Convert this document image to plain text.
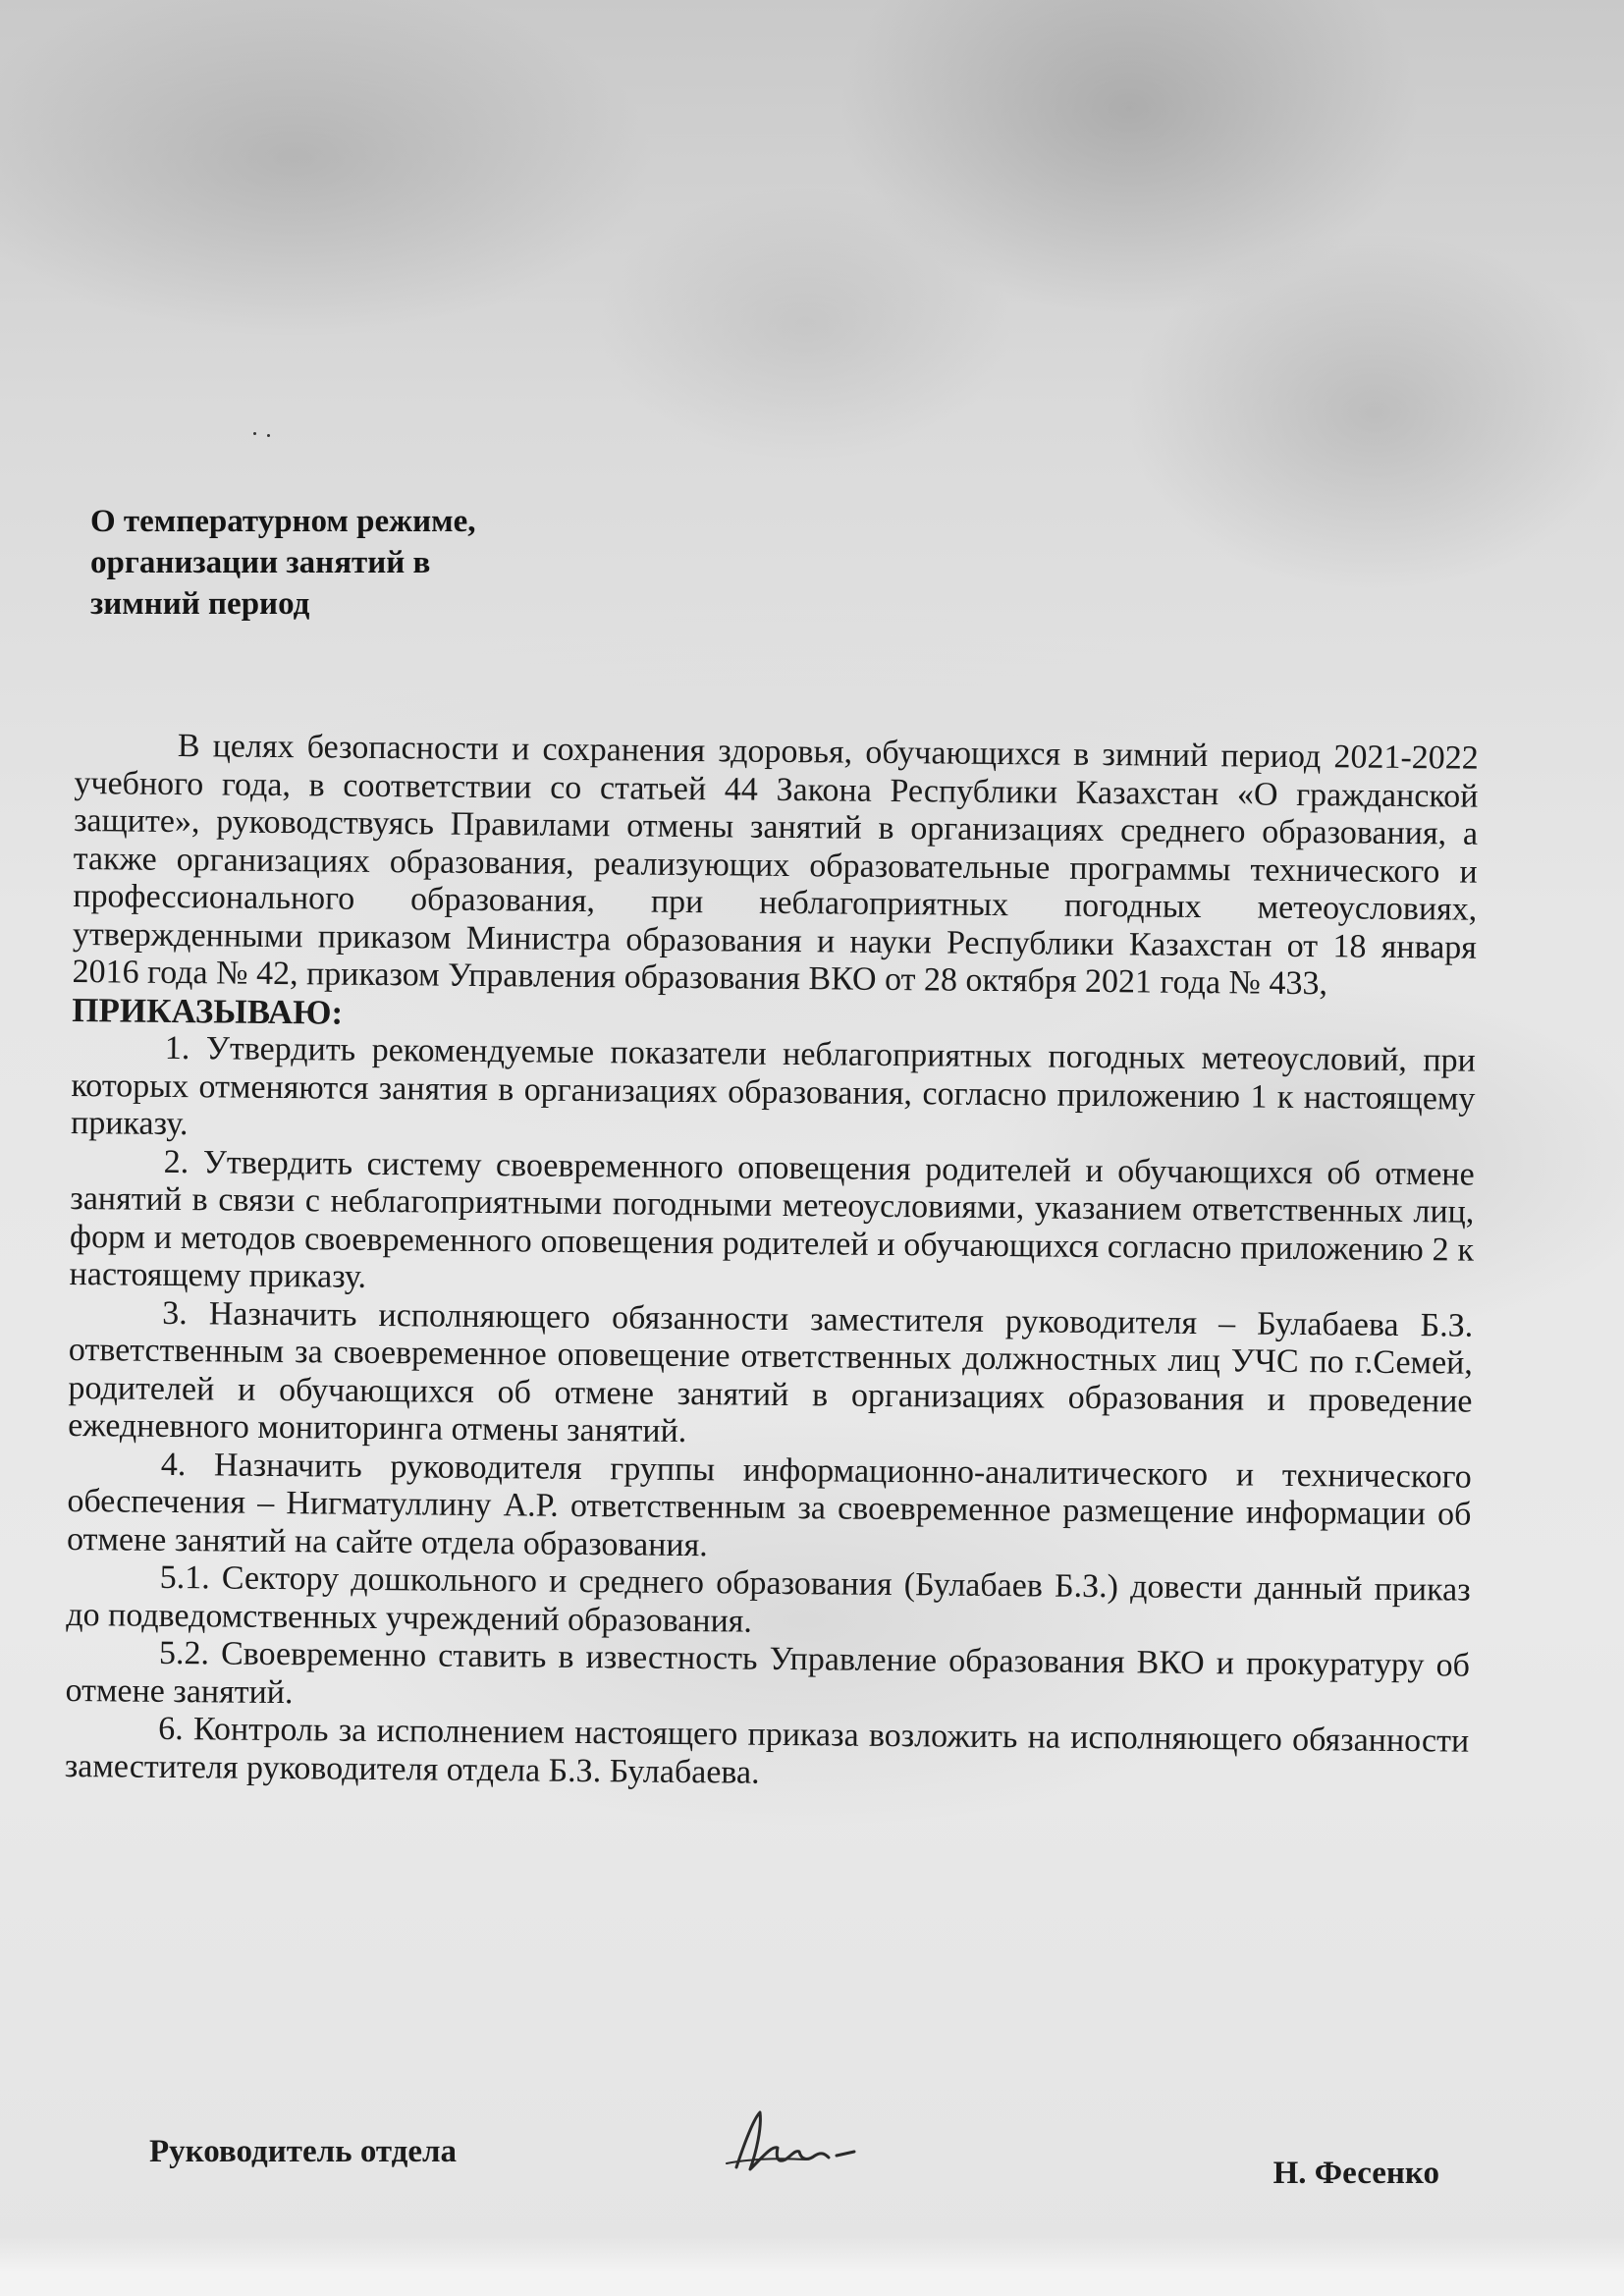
О температурном режиме,
организации занятий в
зимний период

В целях безопасности и сохранения здоровья, обучающихся в зимний период 2021-2022 учебного года, в соответствии со статьей 44 Закона Республики Казахстан «О гражданской защите», руководствуясь Правилами отмены занятий в организациях среднего образования, а также организациях образования, реализующих образовательные программы технического и профессионального образования, при неблагоприятных погодных метеоусловиях, утвержденными приказом Министра образования и науки Республики Казахстан от 18 января 2016 года № 42, приказом Управления образования ВКО от 28 октября 2021 года № 433,

ПРИКАЗЫВАЮ:

1. Утвердить рекомендуемые показатели неблагоприятных погодных метеоусловий, при которых отменяются занятия в организациях образования, согласно приложению 1 к настоящему приказу.

2. Утвердить систему своевременного оповещения родителей и обучающихся об отмене занятий в связи с неблагоприятными погодными метеоусловиями, указанием ответственных лиц, форм и методов своевременного оповещения родителей и обучающихся согласно приложению 2 к настоящему приказу.

3. Назначить исполняющего обязанности заместителя руководителя – Булабаева Б.З. ответственным за своевременное оповещение ответственных должностных лиц УЧС по г.Семей, родителей и обучающихся об отмене занятий в организациях образования и проведение ежедневного мониторинга отмены занятий.

4. Назначить руководителя группы информационно-аналитического и технического обеспечения – Нигматуллину А.Р. ответственным за своевременное размещение информации об отмене занятий на сайте отдела образования.

5.1. Сектору дошкольного и среднего образования (Булабаев Б.З.) довести данный приказ до подведомственных учреждений образования.

5.2. Своевременно ставить в известность Управление образования ВКО и прокуратуру об отмене занятий.

6. Контроль за исполнением настоящего приказа возложить на исполняющего обязанности заместителя руководителя отдела Б.З. Булабаева.

Руководитель отдела
Н. Фесенко
